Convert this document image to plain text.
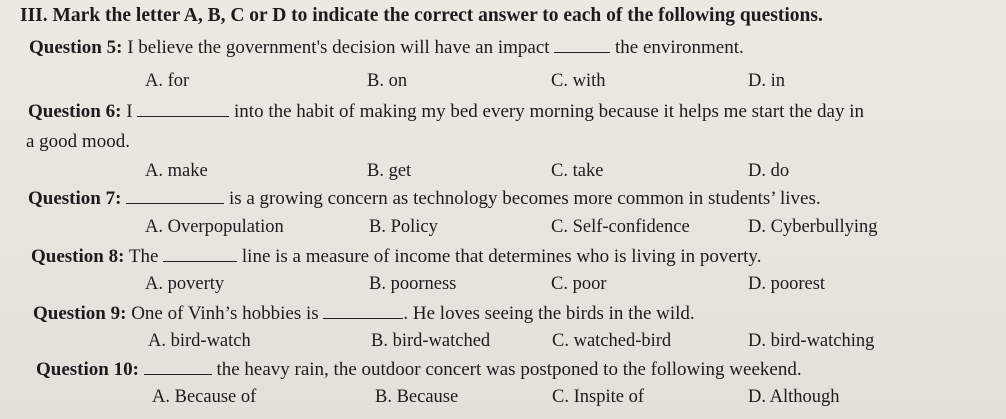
III. Mark the letter A, B, C or D to indicate the correct answer to each of the following questions.
Question 5: I believe the government's decision will have an impact	the environment.
A. for	B. on	C. with	D. in
Question 6: I	into the habit of making my bed every morning because it helps me start the day in
a good mood.
A. make	B. get	C. take	D. do
Question 7:	is a growing concern as technology becomes more common in students’ lives.
A. Overpopulation	B. Policy	C. Self-confidence	D. Cyberbullying
Question 8: The	line is a measure of income that determines who is living in poverty.
A. poverty	B. poorness	C. poor	D. poorest
Question 9: One of Vinh’s hobbies is	. He loves seeing the birds in the wild.
A. bird-watch	B. bird-watched	C. watched-bird	D. bird-watching
Question 10:	the heavy rain, the outdoor concert was postponed to the following weekend.
A. Because of	B. Because	C. Inspite of	D. Although
